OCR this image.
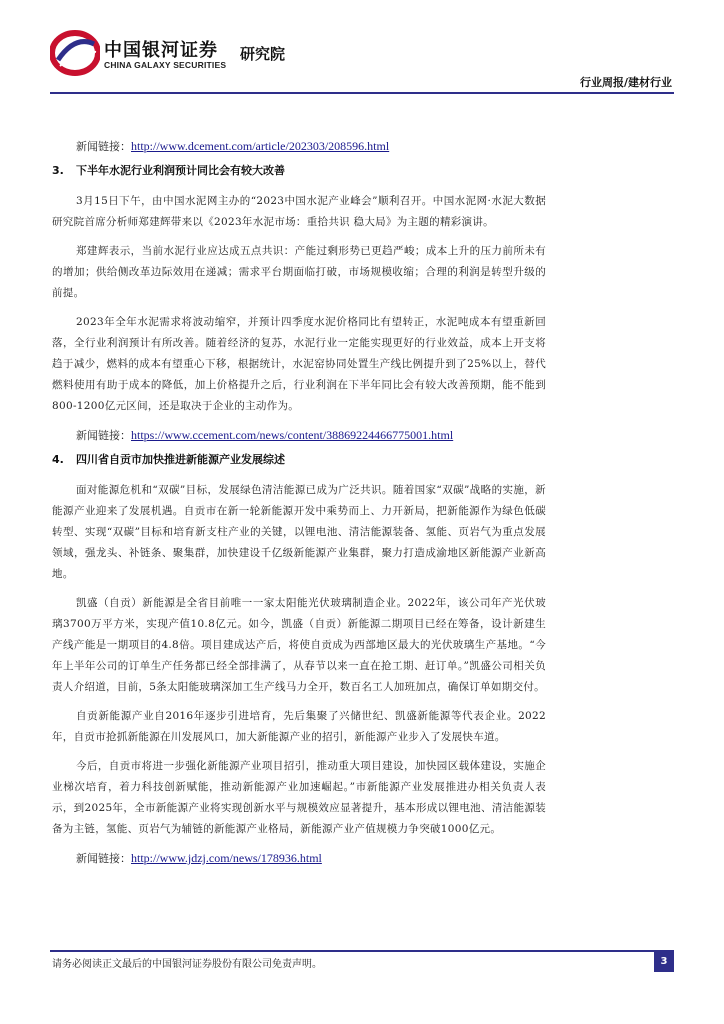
中国银河证券
CHINA GALAXY SECURITIES
研究院
行业周报/建材行业

新闻链接：http://www.dcement.com/article/202303/208596.html

3. 下半年水泥行业利润预计同比会有较大改善

3月15日下午，由中国水泥网主办的“2023中国水泥产业峰会”顺利召开。中国水泥网·水泥大数据研究院首席分析师郑建辉带来以《2023年水泥市场：重拾共识 稳大局》为主题的精彩演讲。

郑建辉表示，当前水泥行业应达成五点共识：产能过剩形势已更趋严峻；成本上升的压力前所未有的增加；供给侧改革边际效用在递减；需求平台期面临打破，市场规模收缩；合理的利润是转型升级的前提。

2023年全年水泥需求将波动缩窄，并预计四季度水泥价格同比有望转正，水泥吨成本有望重新回落，全行业利润预计有所改善。随着经济的复苏，水泥行业一定能实现更好的行业效益，成本上开支将趋于减少，燃料的成本有望重心下移，根据统计，水泥窑协同处置生产线比例提升到了25%以上，替代燃料使用有助于成本的降低，加上价格提升之后，行业利润在下半年同比会有较大改善预期，能不能到800-1200亿元区间，还是取决于企业的主动作为。

新闻链接：https://www.ccement.com/news/content/38869224466775001.html

4. 四川省自贡市加快推进新能源产业发展综述

面对能源危机和“双碳”目标，发展绿色清洁能源已成为广泛共识。随着国家“双碳”战略的实施，新能源产业迎来了发展机遇。自贡市在新一轮新能源开发中乘势而上、力开新局，把新能源作为绿色低碳转型、实现“双碳”目标和培育新支柱产业的关键，以锂电池、清洁能源装备、氢能、页岩气为重点发展领域，强龙头、补链条、聚集群，加快建设千亿级新能源产业集群，聚力打造成渝地区新能源产业新高地。

凯盛（自贡）新能源是全省目前唯一一家太阳能光伏玻璃制造企业。2022年，该公司年产光伏玻璃3700万平方米，实现产值10.8亿元。如今，凯盛（自贡）新能源二期项目已经在筹备，设计新建生产线产能是一期项目的4.8倍。项目建成达产后，将使自贡成为西部地区最大的光伏玻璃生产基地。“今年上半年公司的订单生产任务都已经全部排满了，从春节以来一直在抢工期、赶订单。”凯盛公司相关负责人介绍道，目前，5条太阳能玻璃深加工生产线马力全开，数百名工人加班加点，确保订单如期交付。

自贡新能源产业自2016年逐步引进培育，先后集聚了兴储世纪、凯盛新能源等代表企业。2022年，自贡市抢抓新能源在川发展风口，加大新能源产业的招引，新能源产业步入了发展快车道。

今后，自贡市将进一步强化新能源产业项目招引，推动重大项目建设，加快园区载体建设，实施企业梯次培育，着力科技创新赋能，推动新能源产业加速崛起。”市新能源产业发展推进办相关负责人表示，到2025年，全市新能源产业将实现创新水平与规模效应显著提升，基本形成以锂电池、清洁能源装备为主链，氢能、页岩气为辅链的新能源产业格局，新能源产业产值规模力争突破1000亿元。

新闻链接：http://www.jdzj.com/news/178936.html

请务必阅读正文最后的中国银河证券股份有限公司免责声明。	3
